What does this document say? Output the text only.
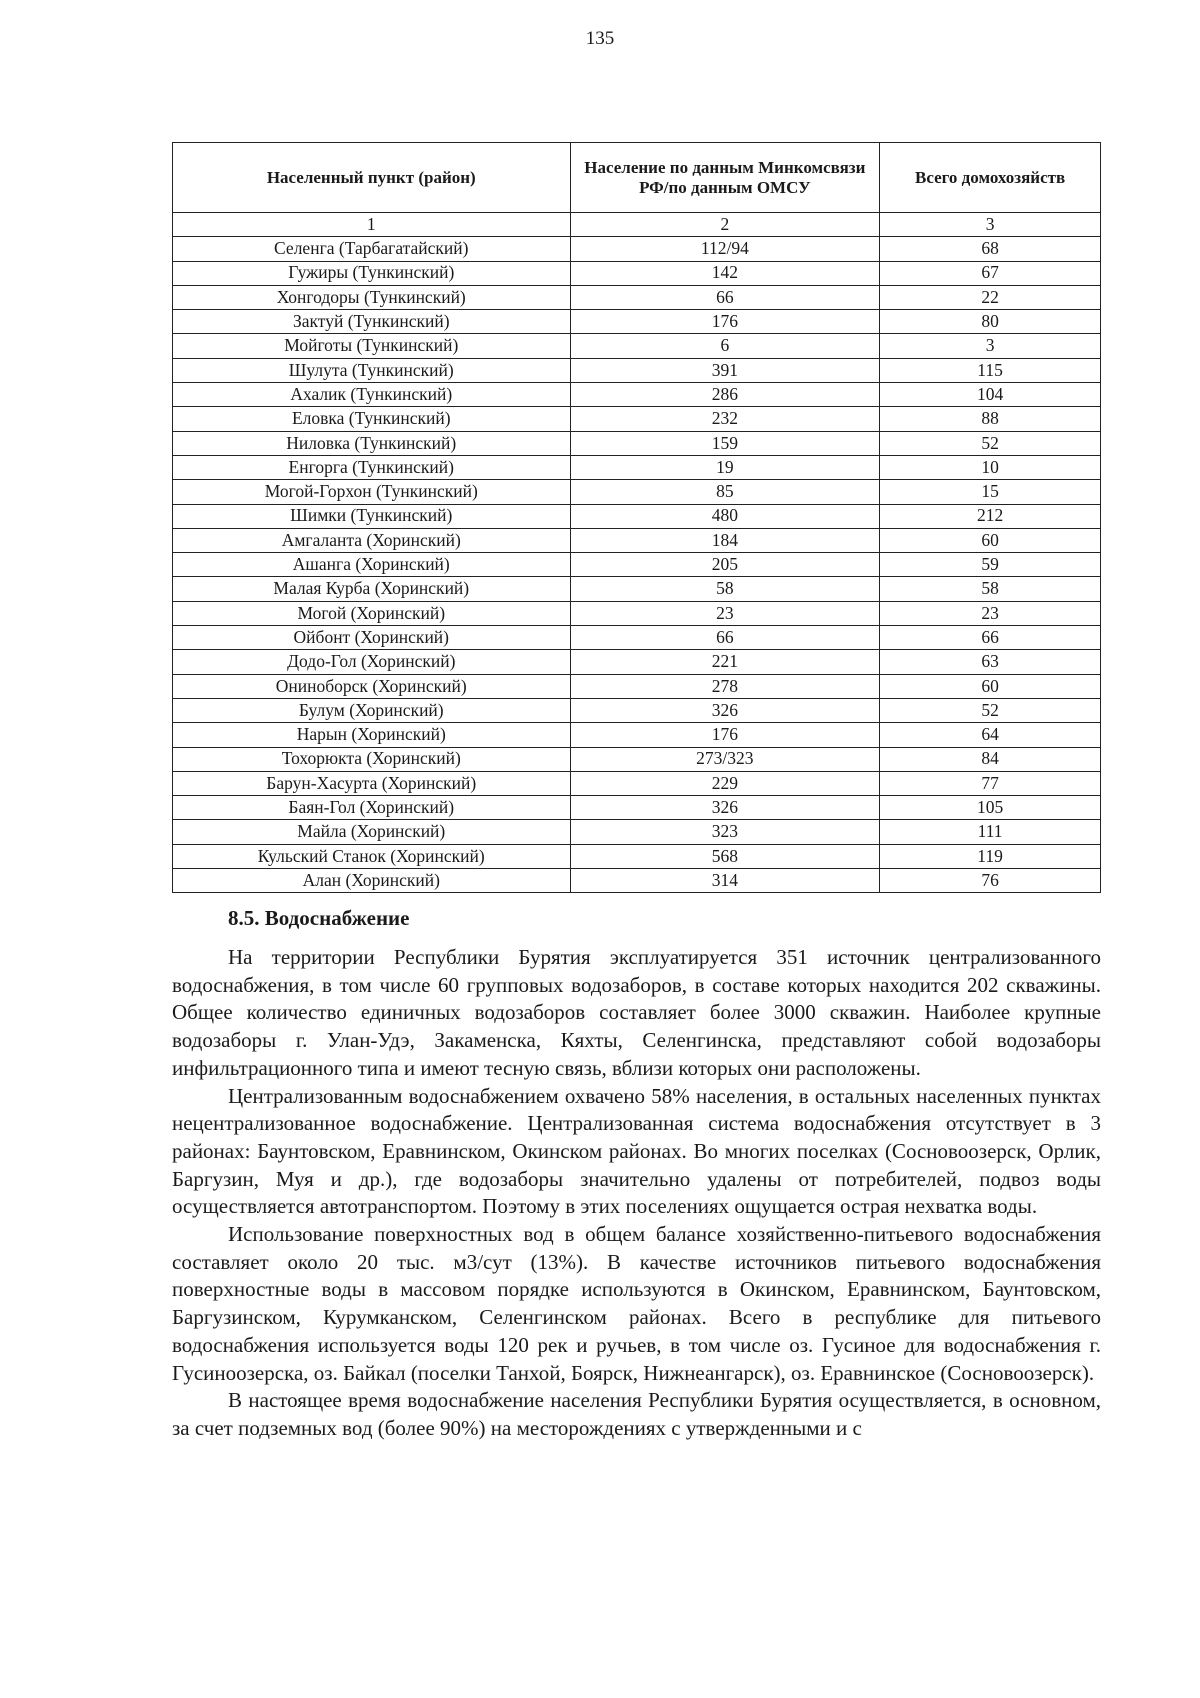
135
Населенный пункт (район)	Население по данным Минкомсвязи РФ/по данным ОМСУ	Всего домохозяйств
1	2	3
Селенга (Тарбагатайский)	112/94	68
Гужиры (Тункинский)	142	67
Хонгодоры (Тункинский)	66	22
Зактуй (Тункинский)	176	80
Мойготы (Тункинский)	6	3
Шулута (Тункинский)	391	115
Ахалик (Тункинский)	286	104
Еловка (Тункинский)	232	88
Ниловка (Тункинский)	159	52
Енгорга (Тункинский)	19	10
Могой-Горхон (Тункинский)	85	15
Шимки (Тункинский)	480	212
Амгаланта (Хоринский)	184	60
Ашанга (Хоринский)	205	59
Малая Курба (Хоринский)	58	58
Могой (Хоринский)	23	23
Ойбонт (Хоринский)	66	66
Додо-Гол (Хоринский)	221	63
Онинoборск (Хоринский)	278	60
Булум (Хоринский)	326	52
Нарын (Хоринский)	176	64
Тохорюкта (Хоринский)	273/323	84
Барун-Хасурта (Хоринский)	229	77
Баян-Гол (Хоринский)	326	105
Майла (Хоринский)	323	111
Кульский Станок (Хоринский)	568	119
Алан (Хоринский)	314	76
8.5. Водоснабжение

На территории Республики Бурятия эксплуатируется 351 источник централизованного водоснабжения, в том числе 60 групповых водозаборов, в составе которых находится 202 скважины. Общее количество единичных водозаборов составляет более 3000 скважин. Наиболее крупные водозаборы г. Улан-Удэ, Закаменска, Кяхты, Селенгинска, представляют собой водозаборы инфильтрационного типа и имеют тесную связь, вблизи которых они расположены.

Централизованным водоснабжением охвачено 58% населения, в остальных населенных пунктах нецентрализованное водоснабжение. Централизованная система водоснабжения отсутствует в 3 районах: Баунтовском, Еравнинском, Окинском районах. Во многих поселках (Сосновоозерск, Орлик, Баргузин, Муя и др.), где водозаборы значительно удалены от потребителей, подвоз воды осуществляется автотранспортом. Поэтому в этих поселениях ощущается острая нехватка воды.

Использование поверхностных вод в общем балансе хозяйственно-питьевого водоснабжения составляет около 20 тыс. м3/сут (13%). В качестве источников питьевого водоснабжения поверхностные воды в массовом порядке используются в Окинском, Еравнинском, Баунтовском, Баргузинском, Курумканском, Селенгинском районах. Всего в республике для питьевого водоснабжения используется воды 120 рек и ручьев, в том числе оз. Гусиное для водоснабжения г. Гусиноозерска, оз. Байкал (поселки Танхой, Боярск, Нижнеангарск), оз. Еравнинское (Сосновоозерск).

В настоящее время водоснабжение населения Республики Бурятия осуществляется, в основном, за счет подземных вод (более 90%) на месторождениях с утвержденными и с
